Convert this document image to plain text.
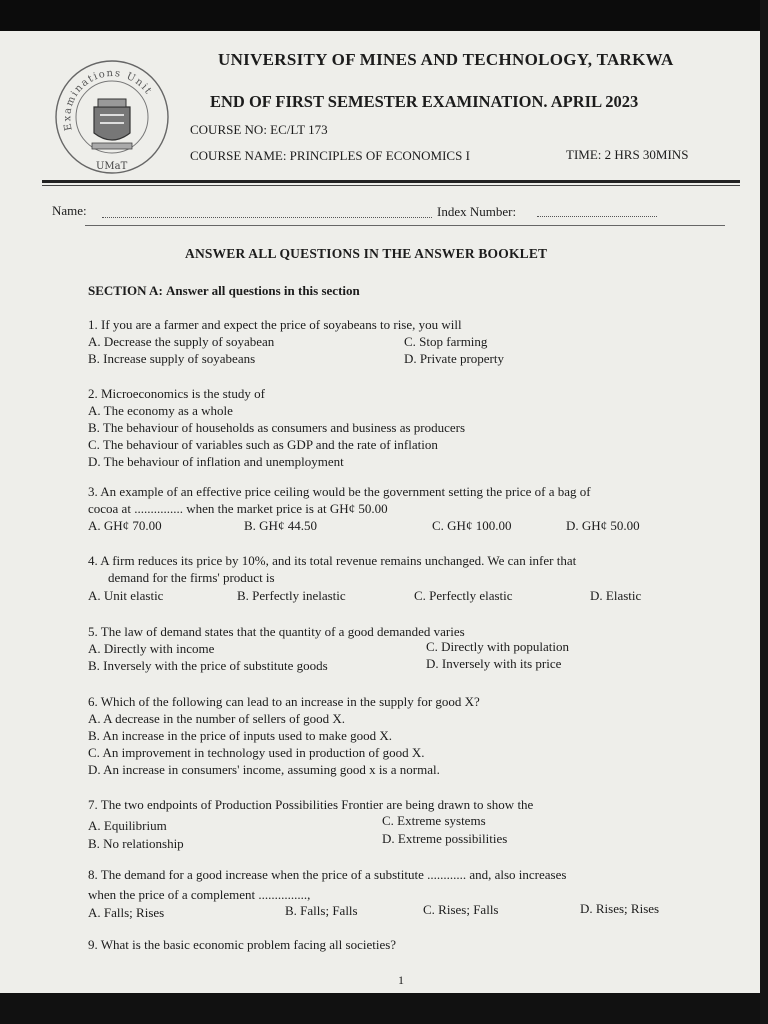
Examinations Unit
UMaT
UNIVERSITY OF MINES AND TECHNOLOGY, TARKWA
END OF FIRST SEMESTER EXAMINATION. APRIL 2023
COURSE NO: EC/LT 173
COURSE NAME: PRINCIPLES OF ECONOMICS I	TIME: 2 HRS 30MINS
Name:	Index Number:
ANSWER ALL QUESTIONS IN THE ANSWER BOOKLET
SECTION A: Answer all questions in this section
1. If you are a farmer and expect the price of soyabeans to rise, you will
A. Decrease the supply of soyabean
B. Increase supply of soyabeans
C. Stop farming
D. Private property
2. Microeconomics is the study of
A. The economy as a whole
B. The behaviour of households as consumers and business as producers
C. The behaviour of variables such as GDP and the rate of inflation
D. The behaviour of inflation and unemployment
3. An example of an effective price ceiling would be the government setting the price of a bag of
cocoa at ............... when the market price is at GH¢ 50.00
A. GH¢ 70.00	B. GH¢ 44.50	C. GH¢ 100.00	D. GH¢ 50.00
4. A firm reduces its price by 10%, and its total revenue remains unchanged. We can infer that
demand for the firms' product is
A. Unit elastic	B. Perfectly inelastic	C. Perfectly elastic	D. Elastic
5. The law of demand states that the quantity of a good demanded varies
A. Directly with income
B. Inversely with the price of substitute goods
C. Directly with population
D. Inversely with its price
6. Which of the following can lead to an increase in the supply for good X?
A. A decrease in the number of sellers of good X.
B. An increase in the price of inputs used to make good X.
C. An improvement in technology used in production of good X.
D. An increase in consumers' income, assuming good x is a normal.
7. The two endpoints of Production Possibilities Frontier are being drawn to show the
A. Equilibrium
B. No relationship
C. Extreme systems
D. Extreme possibilities
8. The demand for a good increase when the price of a substitute ............ and, also increases
when the price of a complement ...............,
A. Falls; Rises	B. Falls; Falls	C. Rises; Falls	D. Rises; Rises
9. What is the basic economic problem facing all societies?
1
